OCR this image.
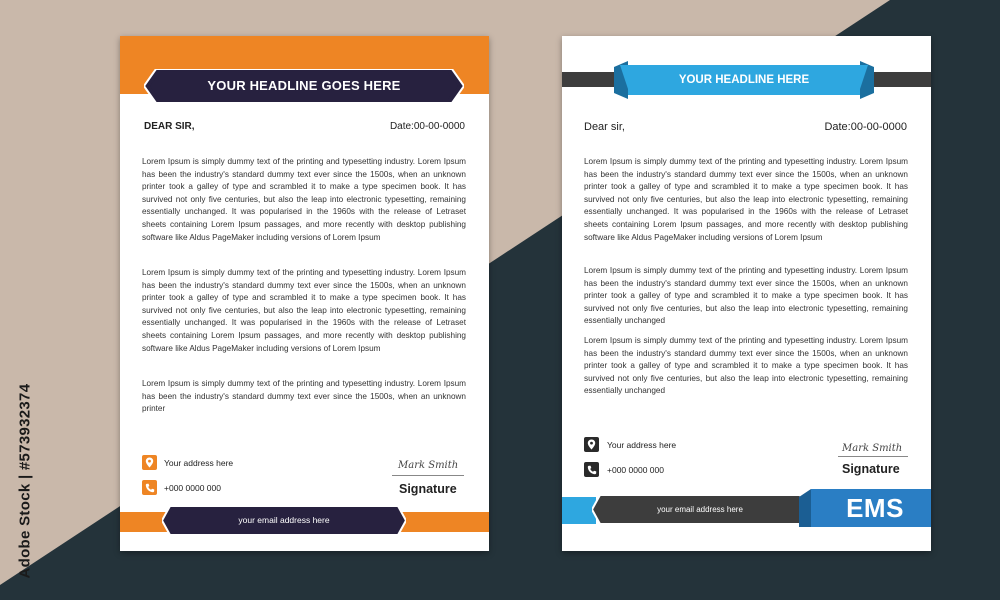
Adobe Stock | #573932374
YOUR HEADLINE GOES HERE
DEAR SIR,	Date:00-00-0000

Lorem Ipsum is simply dummy text of the printing and typesetting industry. Lorem Ipsum has been the industry's standard dummy text ever since the 1500s, when an unknown printer took a galley of type and scrambled it to make a type specimen book. It has survived not only five centuries, but also the leap into electronic typesetting, remaining essentially unchanged. It was popularised in the 1960s with the release of Letraset sheets containing Lorem Ipsum passages, and more recently with desktop publishing software like Aldus PageMaker including versions of Lorem Ipsum

Lorem Ipsum is simply dummy text of the printing and typesetting industry. Lorem Ipsum has been the industry's standard dummy text ever since the 1500s, when an unknown printer took a galley of type and scrambled it to make a type specimen book. It has survived not only five centuries, but also the leap into electronic typesetting, remaining essentially unchanged. It was popularised in the 1960s with the release of Letraset sheets containing Lorem Ipsum passages, and more recently with desktop publishing software like Aldus PageMaker including versions of Lorem Ipsum

Lorem Ipsum is simply dummy text of the printing and typesetting industry. Lorem Ipsum has been the industry's standard dummy text ever since the 1500s, when an unknown printer

Your address here
+000 0000 000
Mark Smith
Signature
your email address here
YOUR HEADLINE HERE
Dear sir,	Date:00-00-0000

Lorem Ipsum is simply dummy text of the printing and typesetting industry. Lorem Ipsum has been the industry's standard dummy text ever since the 1500s, when an unknown printer took a galley of type and scrambled it to make a type specimen book. It has survived not only five centuries, but also the leap into electronic typesetting, remaining essentially unchanged. It was popularised in the 1960s with the release of Letraset sheets containing Lorem Ipsum passages, and more recently with desktop publishing software like Aldus PageMaker including versions of Lorem Ipsum

Lorem Ipsum is simply dummy text of the printing and typesetting industry. Lorem Ipsum has been the industry's standard dummy text ever since the 1500s, when an unknown printer took a galley of type and scrambled it to make a type specimen book. It has survived not only five centuries, but also the leap into electronic typesetting, remaining essentially unchanged

Lorem Ipsum is simply dummy text of the printing and typesetting industry. Lorem Ipsum has been the industry's standard dummy text ever since the 1500s, when an unknown printer took a galley of type and scrambled it to make a type specimen book. It has survived not only five centuries, but also the leap into electronic typesetting, remaining essentially unchanged

Your address here
+000 0000 000
Mark Smith
Signature
your email address here	EMS
